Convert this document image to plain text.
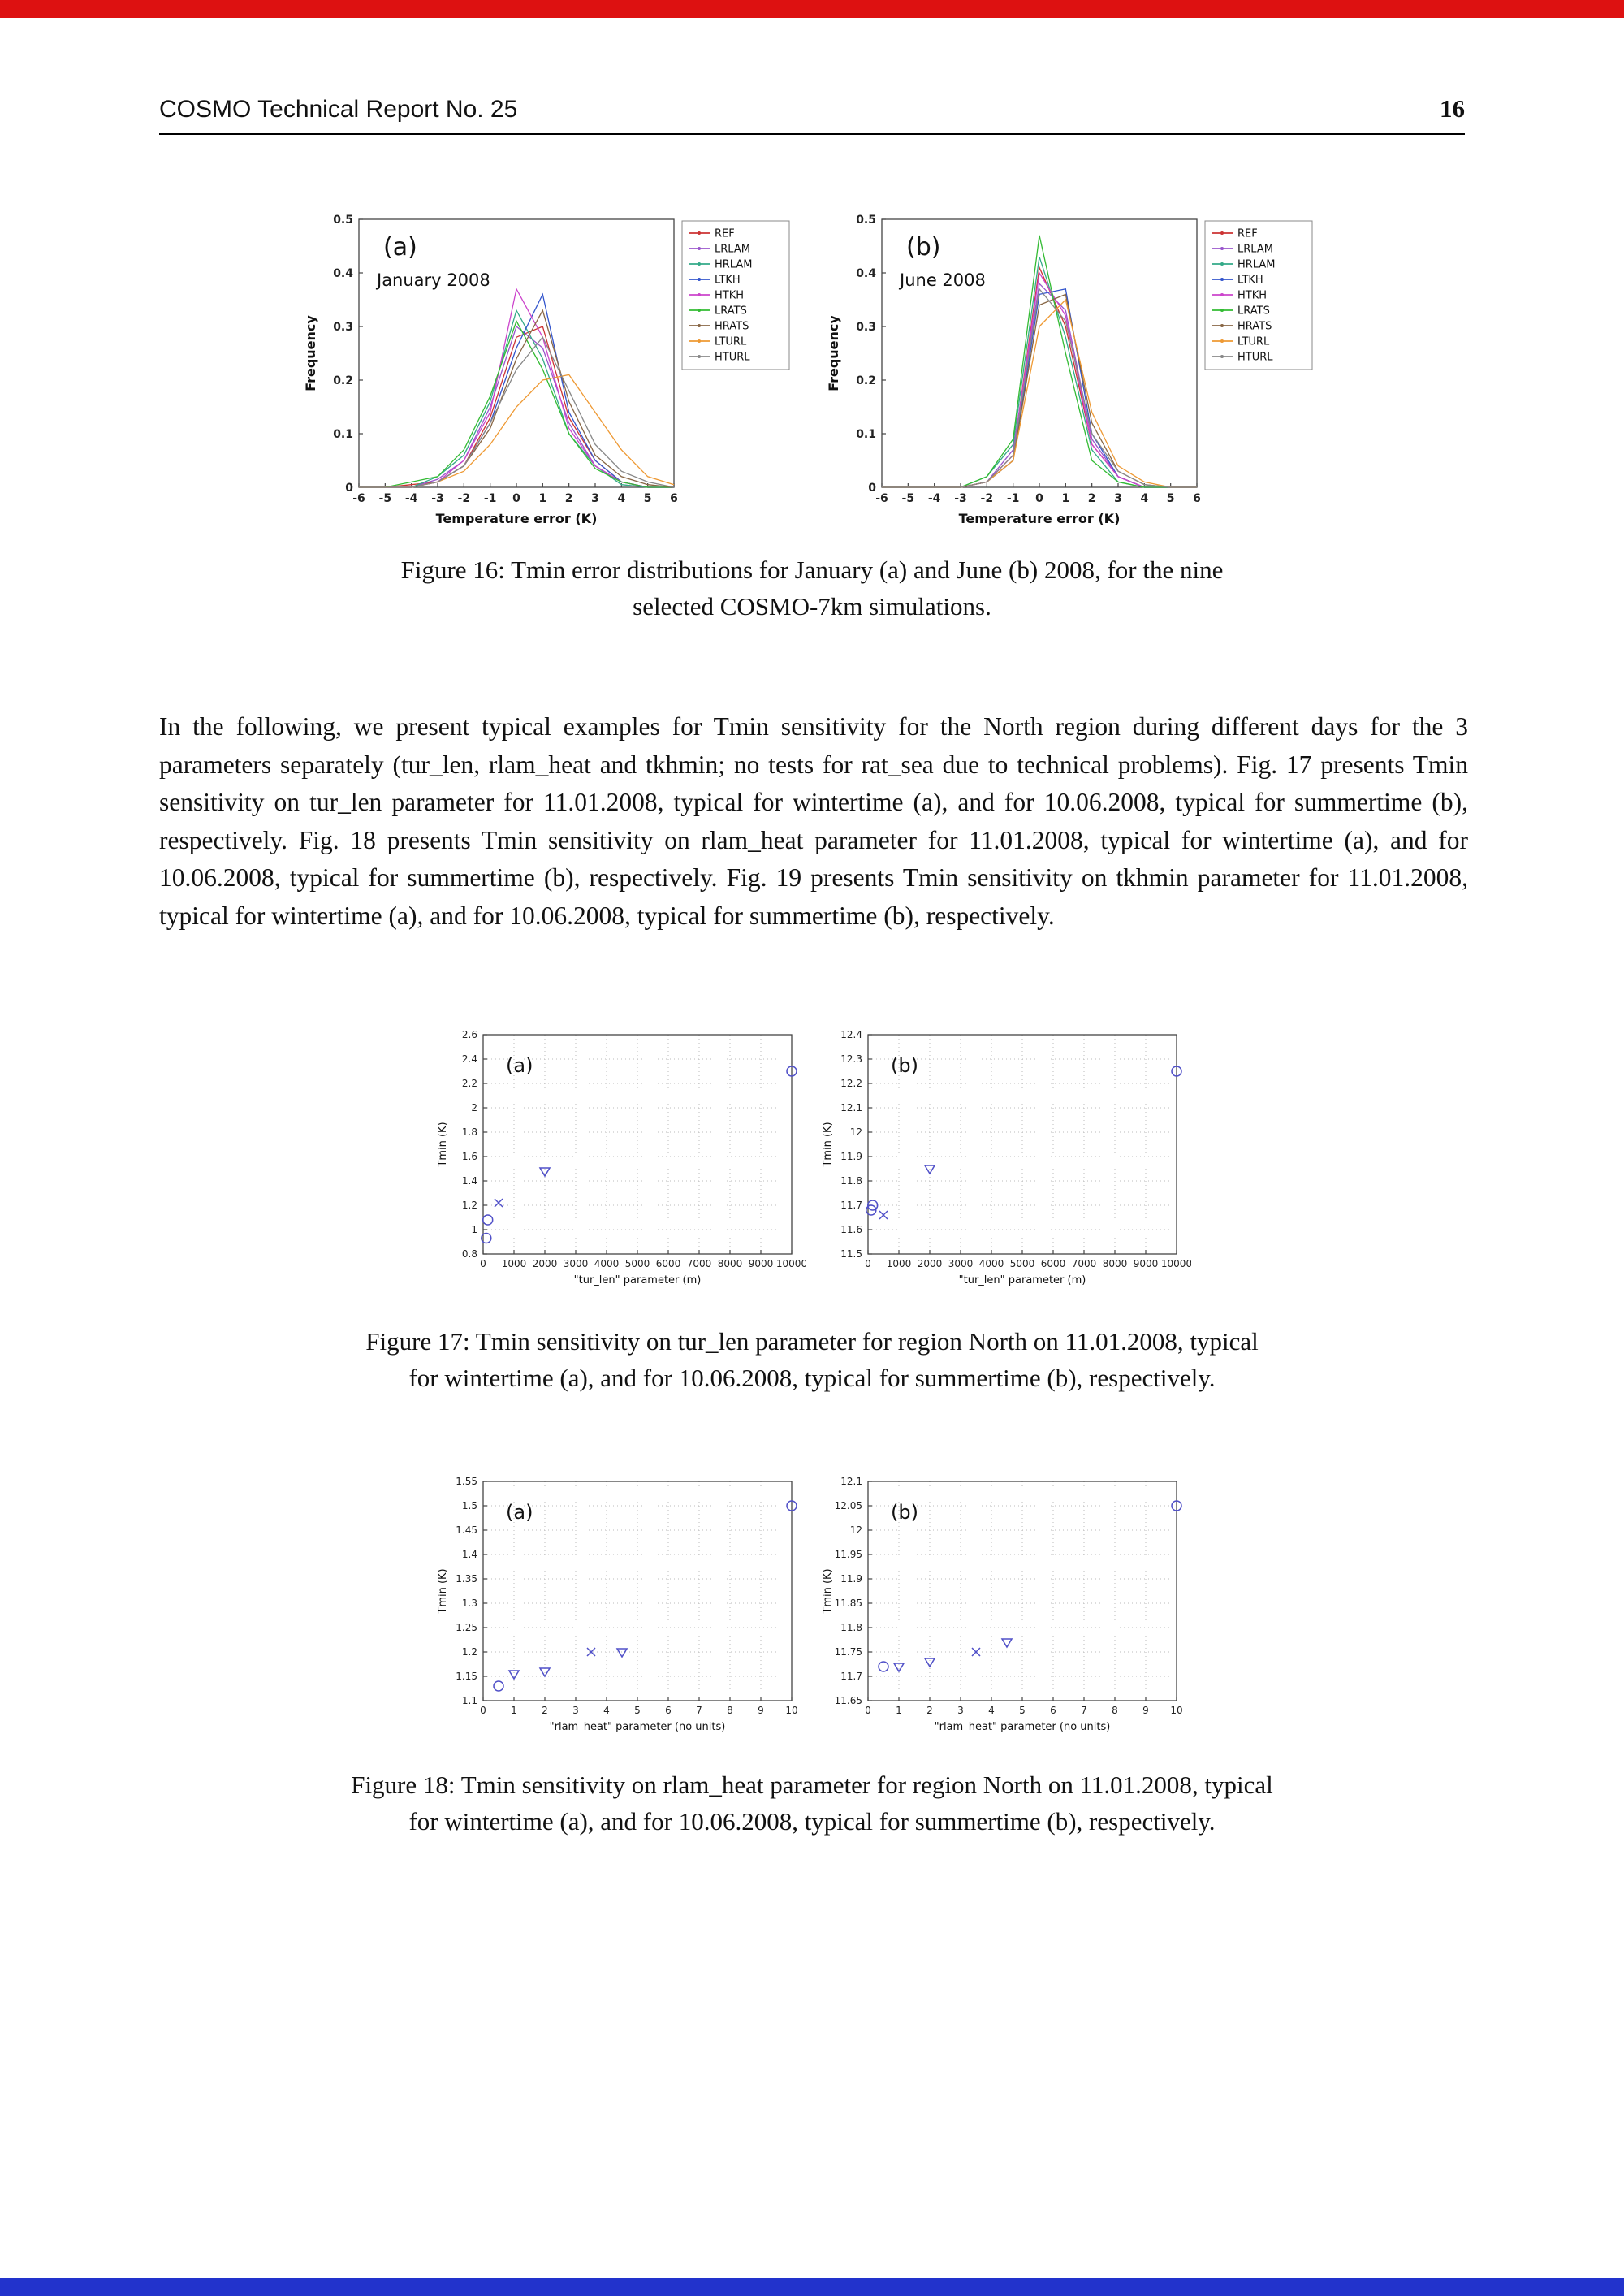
COSMO Technical Report No. 25	16
-6 -5 -4 -3 -2 -1 0 1 2 3 4 5 6
0
0.1
0.2
0.3
0.4
0.5
Temperature error (K)
Frequency
(a)
January 2008
REF
LRLAM
HRLAM
LTKH
HTKH
LRATS
HRATS
LTURL
HTURL
-6 -5 -4 -3 -2 -1 0 1 2 3 4 5 6
0
0.1
0.2
0.3
0.4
0.5
Temperature error (K)
Frequency
(b)
June 2008
REF
LRLAM
HRLAM
LTKH
HTKH
LRATS
HRATS
LTURL
HTURL
Figure 16: Tmin error distributions for January (a) and June (b) 2008, for the nine
selected COSMO-7km simulations.
In the following, we present typical examples for Tmin sensitivity for the North region during different days for the 3 parameters separately (tur_len, rlam_heat and tkhmin; no tests for rat_sea due to technical problems). Fig. 17 presents Tmin sensitivity on tur_len parameter for 11.01.2008, typical for wintertime (a), and for 10.06.2008, typical for summertime (b), respectively. Fig. 18 presents Tmin sensitivity on rlam_heat parameter for 11.01.2008, typical for wintertime (a), and for 10.06.2008, typical for summertime (b), respectively. Fig. 19 presents Tmin sensitivity on tkhmin parameter for 11.01.2008, typical for wintertime (a), and for 10.06.2008, typical for summertime (b), respectively.
0 1000 2000 3000 4000 5000 6000 7000 8000 9000 10000
0.8
1
1.2
1.4
1.6
1.8
2
2.2
2.4
2.6
"tur_len" parameter (m)
Tmin (K)
(a)
0 1000 2000 3000 4000 5000 6000 7000 8000 9000 10000
11.5
11.6
11.7
11.8
11.9
12
12.1
12.2
12.3
12.4
"tur_len" parameter (m)
Tmin (K)
(b)
Figure 17: Tmin sensitivity on tur_len parameter for region North on 11.01.2008, typical
for wintertime (a), and for 10.06.2008, typical for summertime (b), respectively.
0	1	2	3	4	5	6	7	8	9 10
1.1
1.15
1.2
1.25
1.3
1.35
1.4
1.45
1.5
1.55
"rlam_heat" parameter (no units)
Tmin (K)
(a)
0	1	2	3	4	5	6	7	8	9 10
11.65
11.7
11.75
11.8
11.85
11.9
11.95
12
12.05
12.1
"rlam_heat" parameter (no units)
Tmin (K)
(b)
Figure 18: Tmin sensitivity on rlam_heat parameter for region North on 11.01.2008, typical
for wintertime (a), and for 10.06.2008, typical for summertime (b), respectively.
